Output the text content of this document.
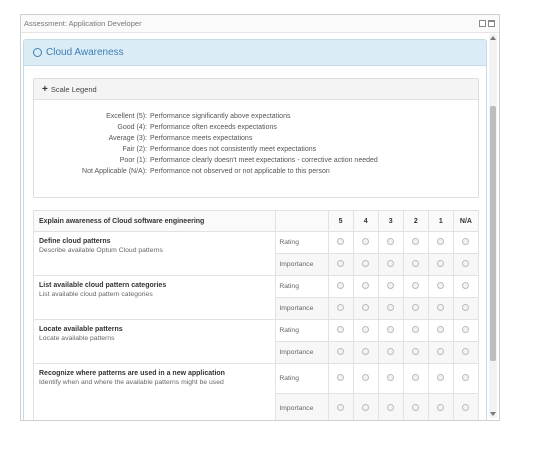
Assessment: Application Developer
Cloud Awareness
+ Scale Legend
Excellent (5): Performance significantly above expectations
Good (4): Performance often exceeds expectations
Average (3): Performance meets expectations
Fair (2): Performance does not consistently meet expectations
Poor (1): Performance clearly doesn't meet expectations - corrective action needed
Not Applicable (N/A): Performance not observed or not applicable to this person
Explain awareness of Cloud software engineering		5	4	3	2	1	N/A

Define cloud patterns
Describe available Optum Cloud patterns	Rating						
	Importance						

List available cloud pattern categories
List available cloud pattern categories	Rating						
	Importance						

Locate available patterns
Locate available patterns	Rating						
	Importance						

Recognize where patterns are used in a new application
Identify when and where the available patterns might be used	Rating						
	Importance						
